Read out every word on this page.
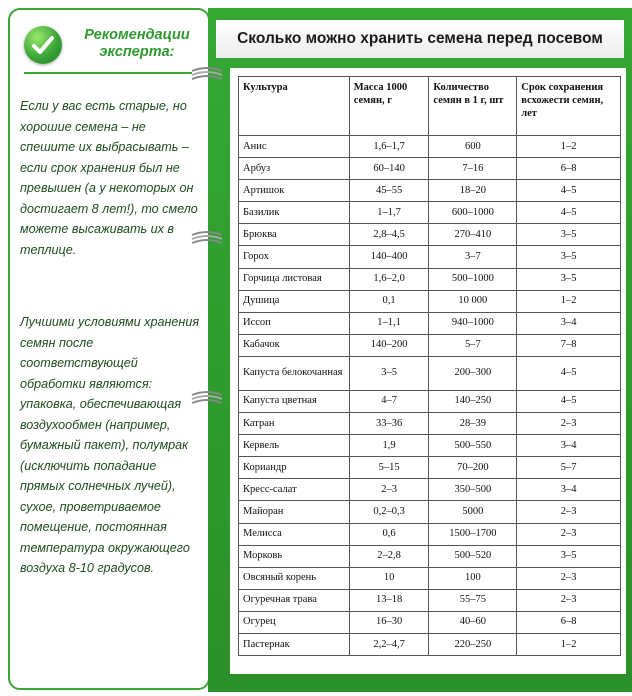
Рекомендации эксперта:

Если у вас есть старые, но хорошие семена – не спешите их выбрасывать – если срок хранения был не превышен (а у некоторых он достигает 8 лет!), то смело можете высаживать их в теплице.

Лучшими условиями хранения семян после соответствующей обработки являются: упаковка, обеспечивающая воздухообмен (например, бумажный пакет), полумрак (исключить попадание прямых солнечных лучей), сухое, проветриваемое помещение, постоянная температура окружающего воздуха 8-10 градусов.

Сколько можно хранить семена перед посевом
Культура	Масса 1000 семян, г	Количество семян в 1 г, шт	Срок сохранения всхожести семян, лет
Анис	1,6–1,7	600	1–2
Арбуз	60–140	7–16	6–8
Артишок	45–55	18–20	4–5
Базилик	1–1,7	600–1000	4–5
Брюква	2,8–4,5	270–410	3–5
Горох	140–400	3–7	3–5
Горчица листовая	1,6–2,0	500–1000	3–5
Душица	0,1	10 000	1–2
Иссоп	1–1,1	940–1000	3–4
Кабачок	140–200	5–7	7–8
Капуста белокочанная	3–5	200–300	4–5
Капуста цветная	4–7	140–250	4–5
Катран	33–36	28–39	2–3
Кервель	1,9	500–550	3–4
Кориандр	5–15	70–200	5–7
Кресс-салат	2–3	350–500	3–4
Майоран	0,2–0,3	5000	2–3
Мелисса	0,6	1500–1700	2–3
Морковь	2–2,8	500–520	3–5
Овсяный корень	10	100	2–3
Огуречная трава	13–18	55–75	2–3
Огурец	16–30	40–60	6–8
Пастернак	2,2–4,7	220–250	1–2
